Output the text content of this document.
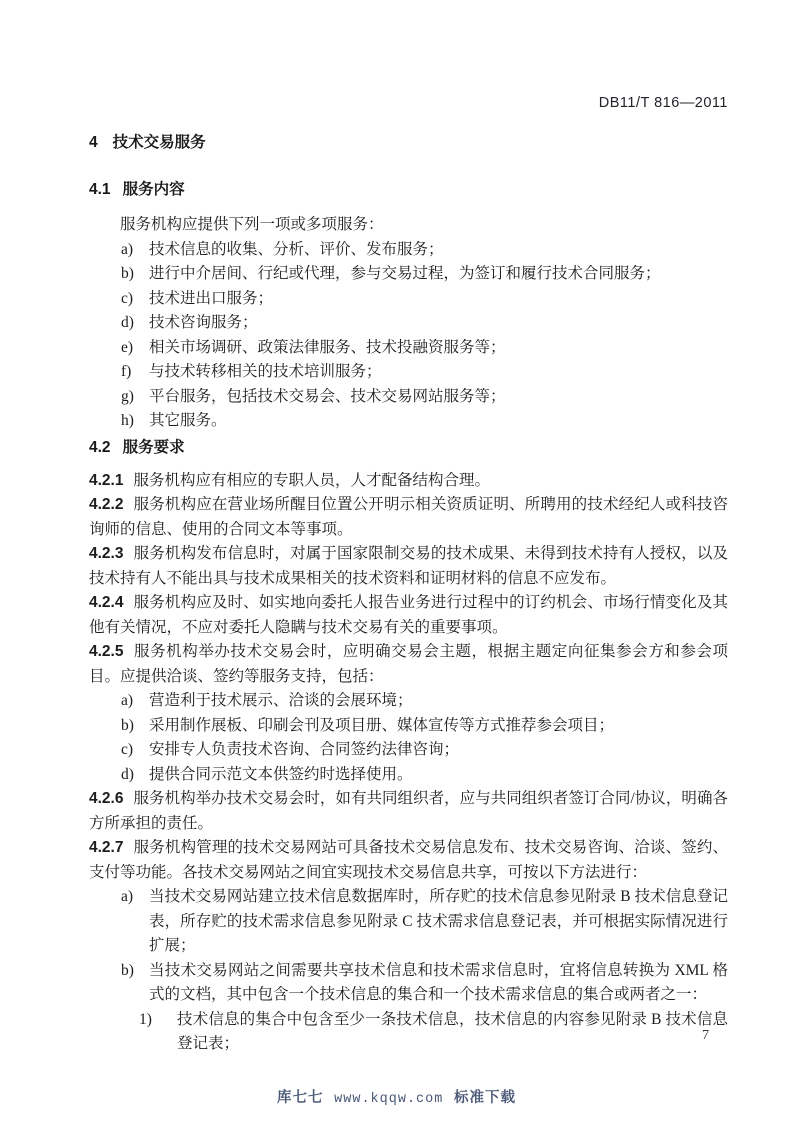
DB11/T 816—2011
4 技术交易服务
4.1 服务内容

服务机构应提供下列一项或多项服务：

a)	技术信息的收集、分析、评价、发布服务；
b) 进行中介居间、行纪或代理，参与交易过程，为签订和履行技术合同服务；
c)	技术进出口服务；
d) 技术咨询服务；
e)	相关市场调研、政策法律服务、技术投融资服务等；
f)	与技术转移相关的技术培训服务；
g) 平台服务，包括技术交易会、技术交易网站服务等；
h) 其它服务。
4.2 服务要求

4.2.1 服务机构应有相应的专职人员，人才配备结构合理。

4.2.2 服务机构应在营业场所醒目位置公开明示相关资质证明、所聘用的技术经纪人或科技咨询师的信息、使用的合同文本等事项。

4.2.3 服务机构发布信息时，对属于国家限制交易的技术成果、未得到技术持有人授权，以及技术持有人不能出具与技术成果相关的技术资料和证明材料的信息不应发布。

4.2.4 服务机构应及时、如实地向委托人报告业务进行过程中的订约机会、市场行情变化及其他有关情况，不应对委托人隐瞒与技术交易有关的重要事项。

4.2.5 服务机构举办技术交易会时，应明确交易会主题，根据主题定向征集参会方和参会项目。应提供洽谈、签约等服务支持，包括：

a)	营造利于技术展示、洽谈的会展环境；
b) 采用制作展板、印刷会刊及项目册、媒体宣传等方式推荐参会项目；
c)	安排专人负责技术咨询、合同签约法律咨询；
d) 提供合同示范文本供签约时选择使用。

4.2.6 服务机构举办技术交易会时，如有共同组织者，应与共同组织者签订合同/协议，明确各方所承担的责任。

4.2.7 服务机构管理的技术交易网站可具备技术交易信息发布、技术交易咨询、洽谈、签约、支付等功能。各技术交易网站之间宜实现技术交易信息共享，可按以下方法进行：

a)	当技术交易网站建立技术信息数据库时，所存贮的技术信息参见附录 B 技术信息登记表，所存贮的技术需求信息参见附录 C 技术需求信息登记表，并可根据实际情况进行扩展；
b) 当技术交易网站之间需要共享技术信息和技术需求信息时，宜将信息转换为 XML 格式的文档，其中包含一个技术信息的集合和一个技术需求信息的集合或两者之一：
1)	技术信息的集合中包含至少一条技术信息，技术信息的内容参见附录 B 技术信息登记表；	7
库七七 www.kqqw.com 标准下载
